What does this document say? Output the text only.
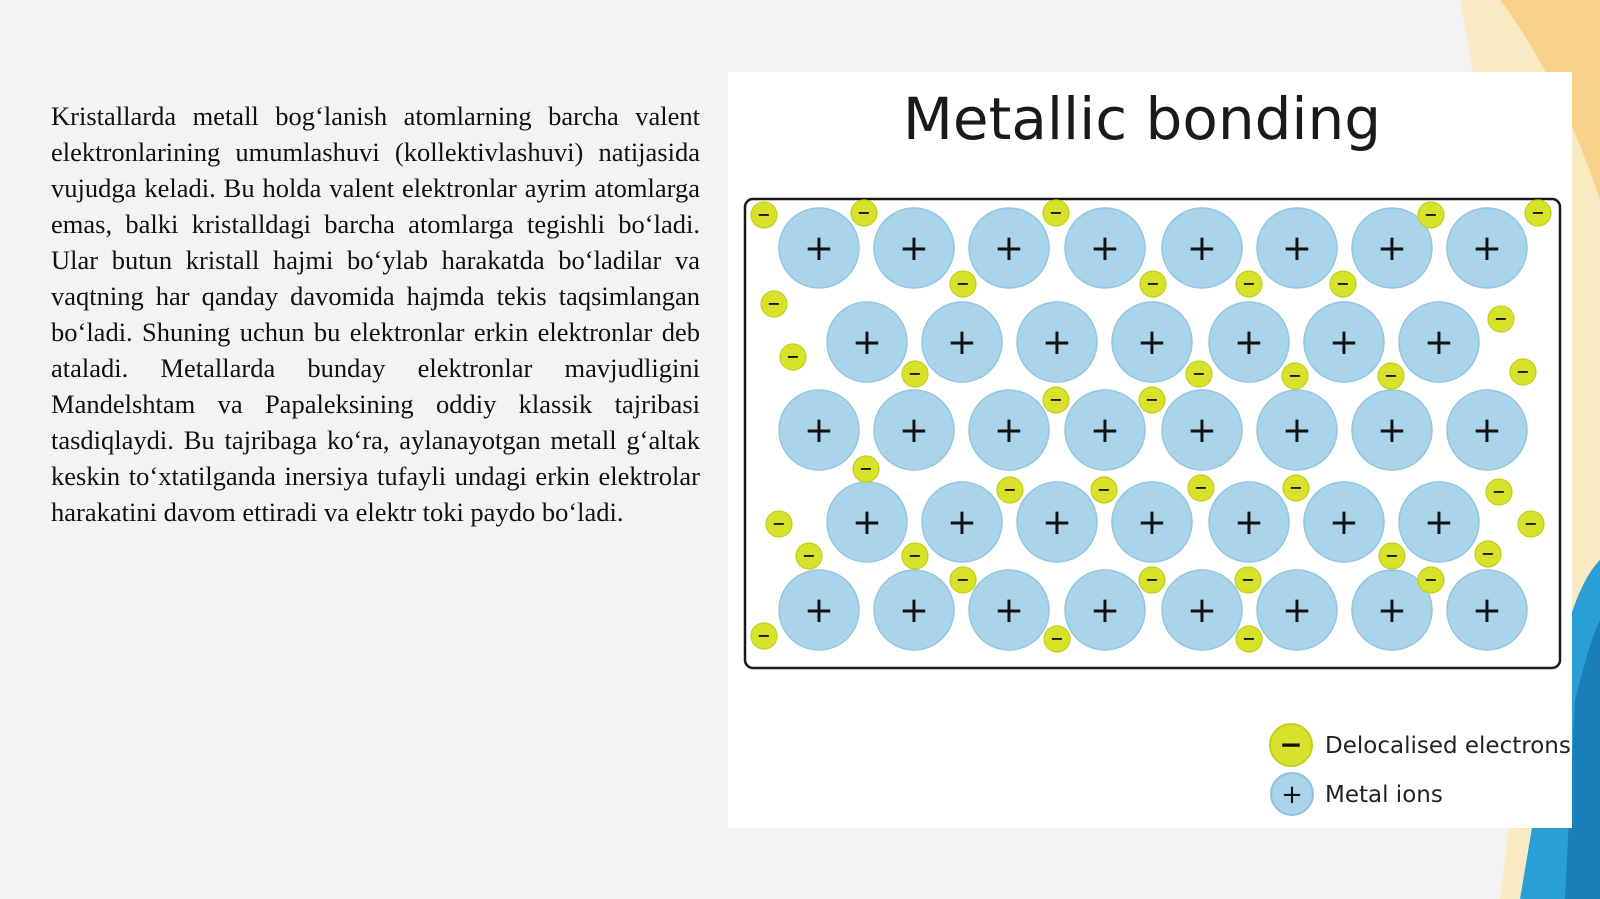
Kristallarda metall bog‘lanish atomlarning barcha valent elektronlarining umumlashuvi (kollektivlashuvi) natijasida vujudga keladi. Bu holda valent elektronlar ayrim atomlarga emas, balki kristalldagi barcha atomlarga tegishli bo‘ladi. Ular butun kristall hajmi bo‘ylab harakatda bo‘ladilar va vaqtning har qanday davomida hajmda tekis taqsimlangan bo‘ladi. Shuning uchun bu elektronlar erkin elektronlar deb ataladi. Metallarda bunday elektronlar mavjudligini Mandelshtam va Papaleksining oddiy klassik tajribasi tasdiqlaydi. Bu tajribaga ko‘ra, aylanayotgan metall g‘altak keskin to‘xtatilganda inersiya tufayli undagi erkin elektrolar harakatini davom ettiradi va elektr toki paydo bo‘ladi.

Metallic bonding
+ + + + + + + +
+ + + + + + +
+ + + + + + + +
+ + + + + + +
+ + + + + + + +
−	−	−	−	−
−	−	−	−
−
−
−
−
−	−	−	−
−	−
−
−	−	−	−	−
−	−
−	−	−	−
−	−	−	−
−	−	−
− Delocalised electrons
+ Metal ions
